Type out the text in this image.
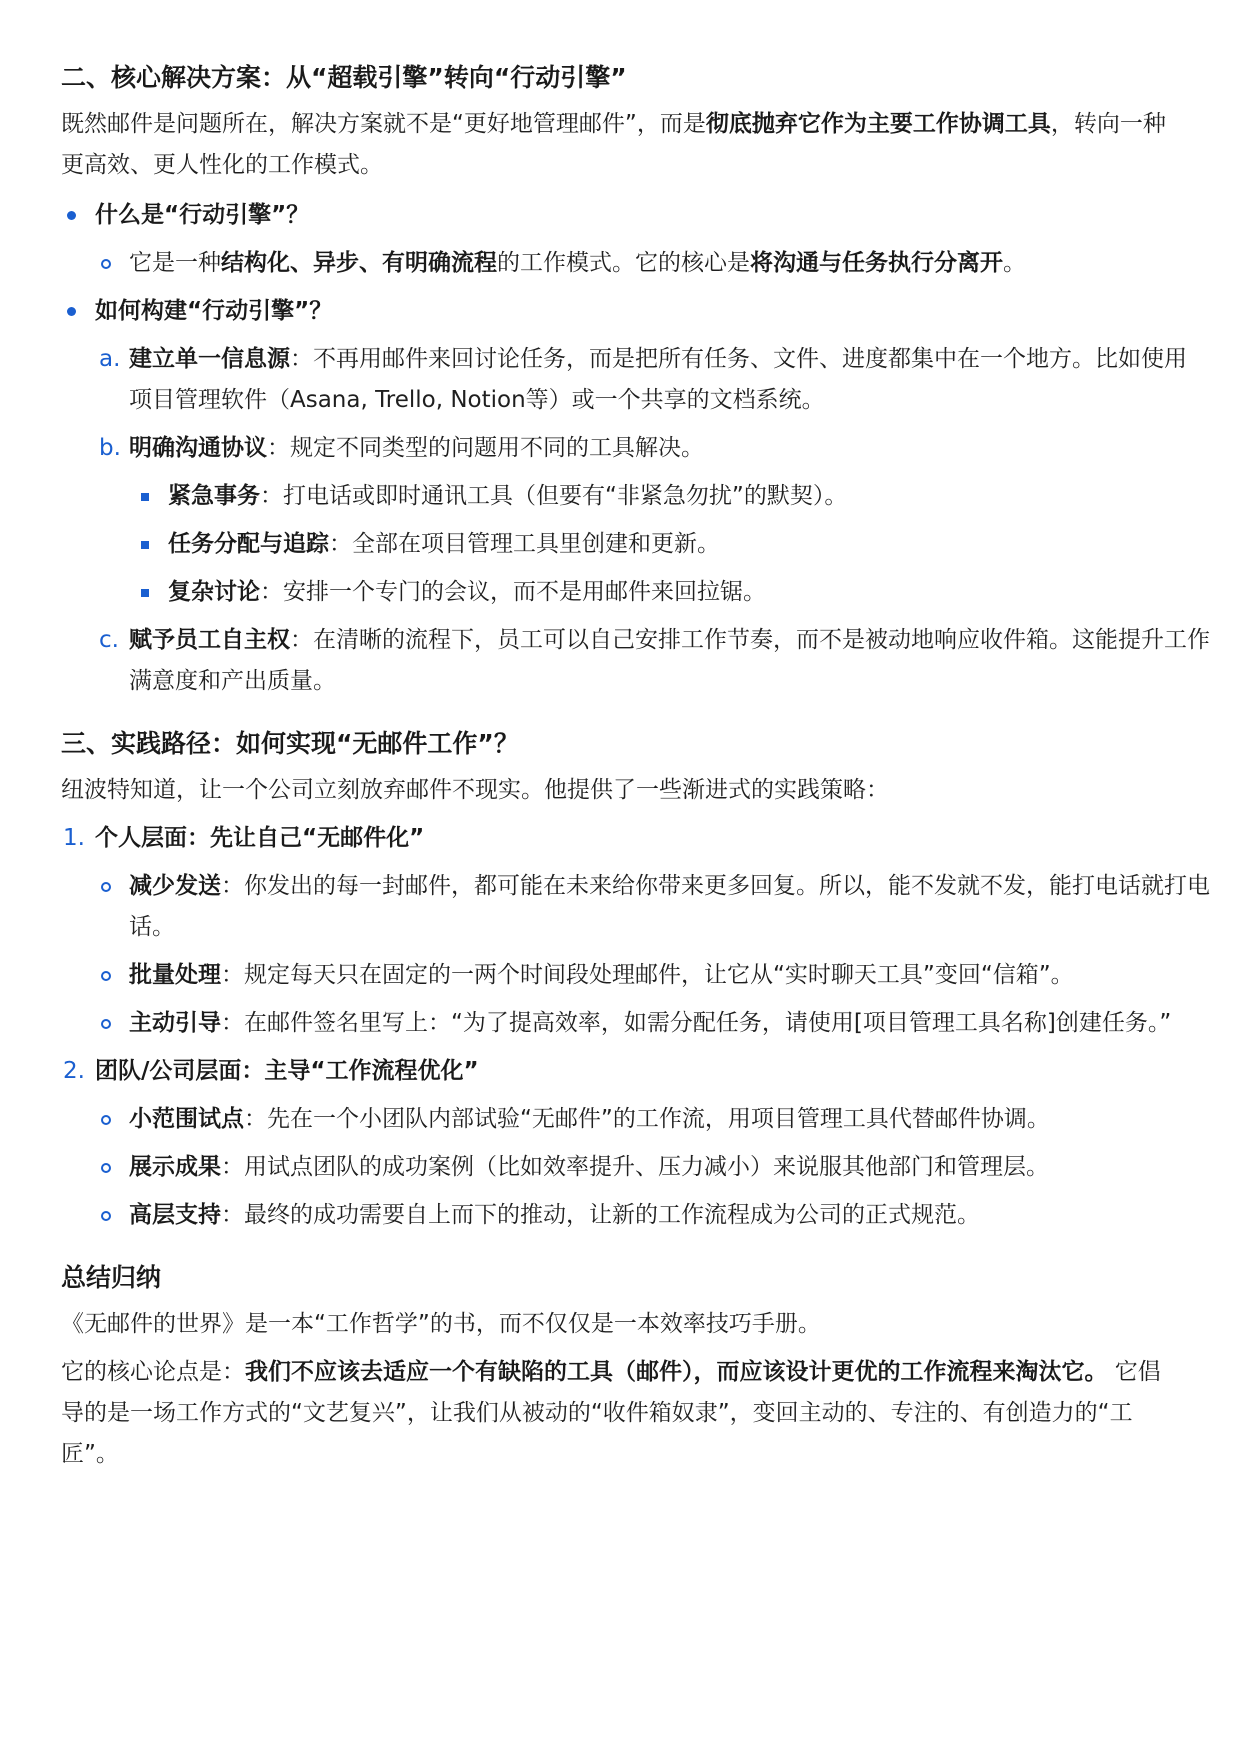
二、核心解决方案：从“超载引擎”转向“行动引擎”

既然邮件是问题所在，解决方案就不是“更好地管理邮件”，而是彻底抛弃它作为主要工作协调工具，转向一种更高效、更人性化的工作模式。

什么是“行动引擎”？
它是一种结构化、异步、有明确流程的工作模式。它的核心是将沟通与任务执行分离开。
如何构建“行动引擎”？
a. 建立单一信息源：不再用邮件来回讨论任务，而是把所有任务、文件、进度都集中在一个地方。比如使用项目管理软件（Asana, Trello, Notion等）或一个共享的文档系统。
b. 明确沟通协议：规定不同类型的问题用不同的工具解决。
紧急事务：打电话或即时通讯工具（但要有“非紧急勿扰”的默契）。
任务分配与追踪：全部在项目管理工具里创建和更新。
复杂讨论：安排一个专门的会议，而不是用邮件来回拉锯。
c. 赋予员工自主权：在清晰的流程下，员工可以自己安排工作节奏，而不是被动地响应收件箱。这能提升工作满意度和产出质量。
三、实践路径：如何实现“无邮件工作”？

纽波特知道，让一个公司立刻放弃邮件不现实。他提供了一些渐进式的实践策略：

1. 个人层面：先让自己“无邮件化”
减少发送：你发出的每一封邮件，都可能在未来给你带来更多回复。所以，能不发就不发，能打电话就打电话。
批量处理：规定每天只在固定的一两个时间段处理邮件，让它从“实时聊天工具”变回“信箱”。
主动引导：在邮件签名里写上：“为了提高效率，如需分配任务，请使用[项目管理工具名称]创建任务。”
2. 团队/公司层面：主导“工作流程优化”
小范围试点：先在一个小团队内部试验“无邮件”的工作流，用项目管理工具代替邮件协调。
展示成果：用试点团队的成功案例（比如效率提升、压力减小）来说服其他部门和管理层。
高层支持：最终的成功需要自上而下的推动，让新的工作流程成为公司的正式规范。
总结归纳

《无邮件的世界》是一本“工作哲学”的书，而不仅仅是一本效率技巧手册。

它的核心论点是：我们不应该去适应一个有缺陷的工具（邮件），而应该设计更优的工作流程来淘汰它。 它倡导的是一场工作方式的“文艺复兴”，让我们从被动的“收件箱奴隶”，变回主动的、专注的、有创造力的“工匠”。
